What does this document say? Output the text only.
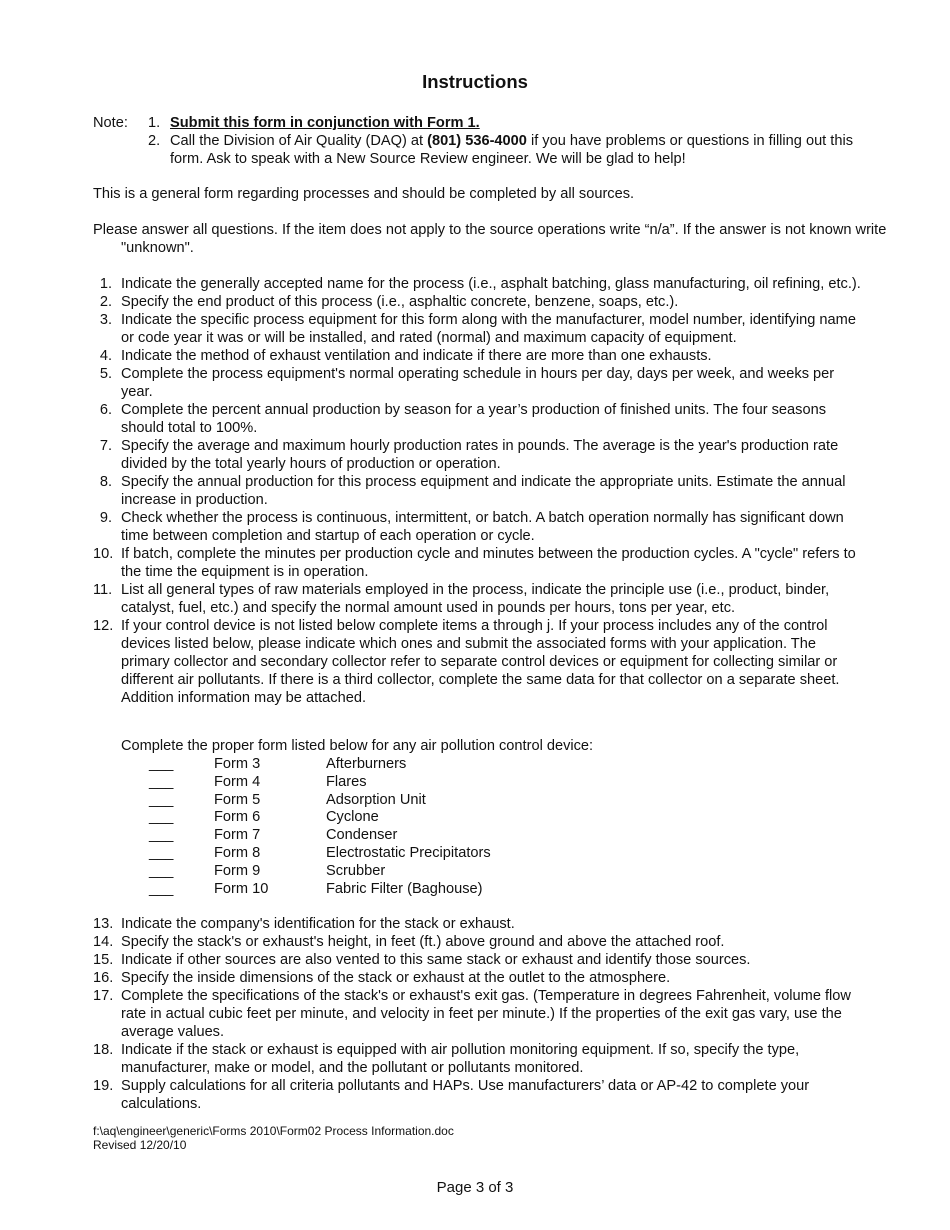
Instructions
Note: 1. Submit this form in conjunction with Form 1.
2. Call the Division of Air Quality (DAQ) at (801) 536-4000 if you have problems or questions in filling out this form. Ask to speak with a New Source Review engineer. We will be glad to help!
This is a general form regarding processes and should be completed by all sources.
Please answer all questions. If the item does not apply to the source operations write “n/a”. If the answer is not known write "unknown".
1. Indicate the generally accepted name for the process (i.e., asphalt batching, glass manufacturing, oil refining, etc.).
2. Specify the end product of this process (i.e., asphaltic concrete, benzene, soaps, etc.).
3. Indicate the specific process equipment for this form along with the manufacturer, model number, identifying name or code year it was or will be installed, and rated (normal) and maximum capacity of equipment.
4. Indicate the method of exhaust ventilation and indicate if there are more than one exhausts.
5. Complete the process equipment's normal operating schedule in hours per day, days per week, and weeks per year.
6. Complete the percent annual production by season for a year’s production of finished units. The four seasons should total to 100%.
7. Specify the average and maximum hourly production rates in pounds. The average is the year's production rate divided by the total yearly hours of production or operation.
8. Specify the annual production for this process equipment and indicate the appropriate units. Estimate the annual increase in production.
9. Check whether the process is continuous, intermittent, or batch. A batch operation normally has significant down time between completion and startup of each operation or cycle.
10. If batch, complete the minutes per production cycle and minutes between the production cycles. A "cycle" refers to the time the equipment is in operation.
11. List all general types of raw materials employed in the process, indicate the principle use (i.e., product, binder, catalyst, fuel, etc.) and specify the normal amount used in pounds per hours, tons per year, etc.
12. If your control device is not listed below complete items a through j. If your process includes any of the control devices listed below, please indicate which ones and submit the associated forms with your application. The primary collector and secondary collector refer to separate control devices or equipment for collecting similar or different air pollutants. If there is a third collector, complete the same data for that collector on a separate sheet. Addition information may be attached.
Complete the proper form listed below for any air pollution control device:
___	Form 3	Afterburners
___	Form 4	Flares
___	Form 5	Adsorption Unit
___	Form 6	Cyclone
___	Form 7	Condenser
___	Form 8	Electrostatic Precipitators
___	Form 9	Scrubber
___	Form 10	Fabric Filter (Baghouse)
13. Indicate the company's identification for the stack or exhaust.
14. Specify the stack's or exhaust's height, in feet (ft.) above ground and above the attached roof.
15. Indicate if other sources are also vented to this same stack or exhaust and identify those sources.
16. Specify the inside dimensions of the stack or exhaust at the outlet to the atmosphere.
17. Complete the specifications of the stack's or exhaust's exit gas. (Temperature in degrees Fahrenheit, volume flow rate in actual cubic feet per minute, and velocity in feet per minute.) If the properties of the exit gas vary, use the average values.
18. Indicate if the stack or exhaust is equipped with air pollution monitoring equipment. If so, specify the type, manufacturer, make or model, and the pollutant or pollutants monitored.
19. Supply calculations for all criteria pollutants and HAPs. Use manufacturers’ data or AP-42 to complete your calculations.
f:\aq\engineer\generic\Forms 2010\Form02 Process Information.doc
Revised 12/20/10
Page 3 of 3
